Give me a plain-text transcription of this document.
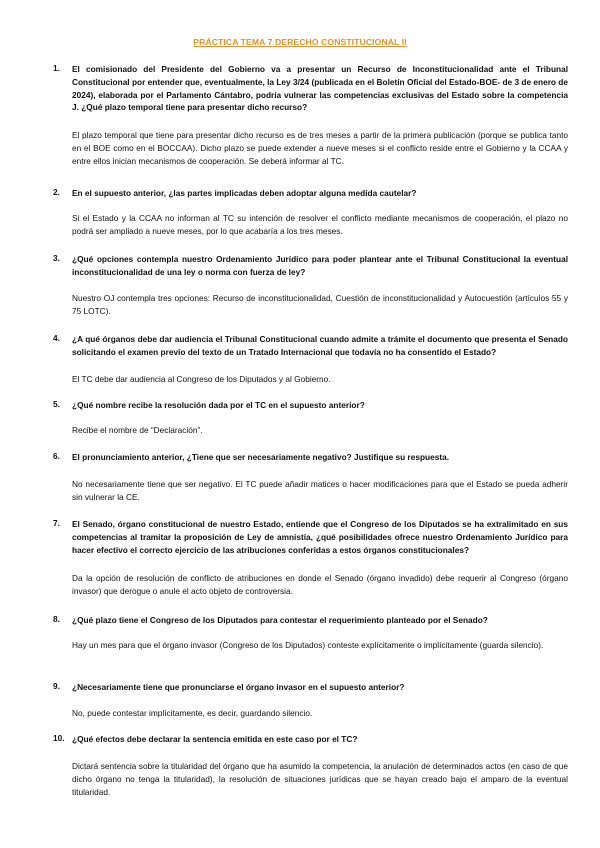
PRÁCTICA TEMA 7 DERECHO CONSTITUCIONAL II
1.	El comisionado del Presidente del Gobierno va a presentar un Recurso de Inconstitucionalidad ante el Tribunal Constitucional por entender que, eventualmente, la Ley 3/24 (publicada en el Boletín Oficial del Estado-BOE- de 3 de enero de 2024), elaborada por el Parlamento Cántabro, podría vulnerar las competencias exclusivas del Estado sobre la competencia J. ¿Qué plazo temporal tiene para presentar dicho recurso?

El plazo temporal que tiene para presentar dicho recurso es de tres meses a partir de la primera publicación (porque se publica tanto en el BOE como en el BOCCAA). Dicho plazo se puede extender a nueve meses si el conflicto reside entre el Gobierno y la CCAA y entre ellos inician mecanismos de cooperación. Se deberá informar al TC.

2.	En el supuesto anterior, ¿las partes implicadas deben adoptar alguna medida cautelar?

Si el Estado y la CCAA no informan al TC su intención de resolver el conflicto mediante mecanismos de cooperación, el plazo no podrá ser ampliado a nueve meses, por lo que acabaría a los tres meses.

3.	¿Qué opciones contempla nuestro Ordenamiento Jurídico para poder plantear ante el Tribunal Constitucional la eventual inconstitucionalidad de una ley o norma con fuerza de ley?

Nuestro OJ contempla tres opciones: Recurso de inconstitucionalidad, Cuestión de inconstitucionalidad y Autocuestión (artículos 55 y 75 LOTC).

4.	¿A qué órganos debe dar audiencia el Tribunal Constitucional cuando admite a trámite el documento que presenta el Senado solicitando el examen previo del texto de un Tratado Internacional que todavía no ha consentido el Estado?

El TC debe dar audiencia al Congreso de los Diputados y al Gobierno.

5.	¿Qué nombre recibe la resolución dada por el TC en el supuesto anterior?

Recibe el nombre de “Declaración”.

6.	El pronunciamiento anterior, ¿Tiene que ser necesariamente negativo? Justifique su respuesta.

No necesariamente tiene que ser negativo. El TC puede añadir matices o hacer modificaciones para que el Estado se pueda adherir sin vulnerar la CE.

7.	El Senado, órgano constitucional de nuestro Estado, entiende que el Congreso de los Diputados se ha extralimitado en sus competencias al tramitar la proposición de Ley de amnistía, ¿qué posibilidades ofrece nuestro Ordenamiento Jurídico para hacer efectivo el correcto ejercicio de las atribuciones conferidas a estos órganos constitucionales?

Da la opción de resolución de conflicto de atribuciones en donde el Senado (órgano invadido) debe requerir al Congreso (órgano invasor) que derogue o anule el acto objeto de controversia.

8.	¿Qué plazo tiene el Congreso de los Diputados para contestar el requerimiento planteado por el Senado?

Hay un mes para que el órgano invasor (Congreso de los Diputados) conteste explícitamente o implícitamente (guarda silencio).

9.	¿Necesariamente tiene que pronunciarse el órgano invasor en el supuesto anterior?

No, puede contestar implícitamente, es decir, guardando silencio.

10. ¿Qué efectos debe declarar la sentencia emitida en este caso por el TC?

Dictará sentencia sobre la titularidad del órgano que ha asumido la competencia, la anulación de determinados actos (en caso de que dicho órgano no tenga la titularidad), la resolución de situaciones jurídicas que se hayan creado bajo el amparo de la eventual titularidad.
